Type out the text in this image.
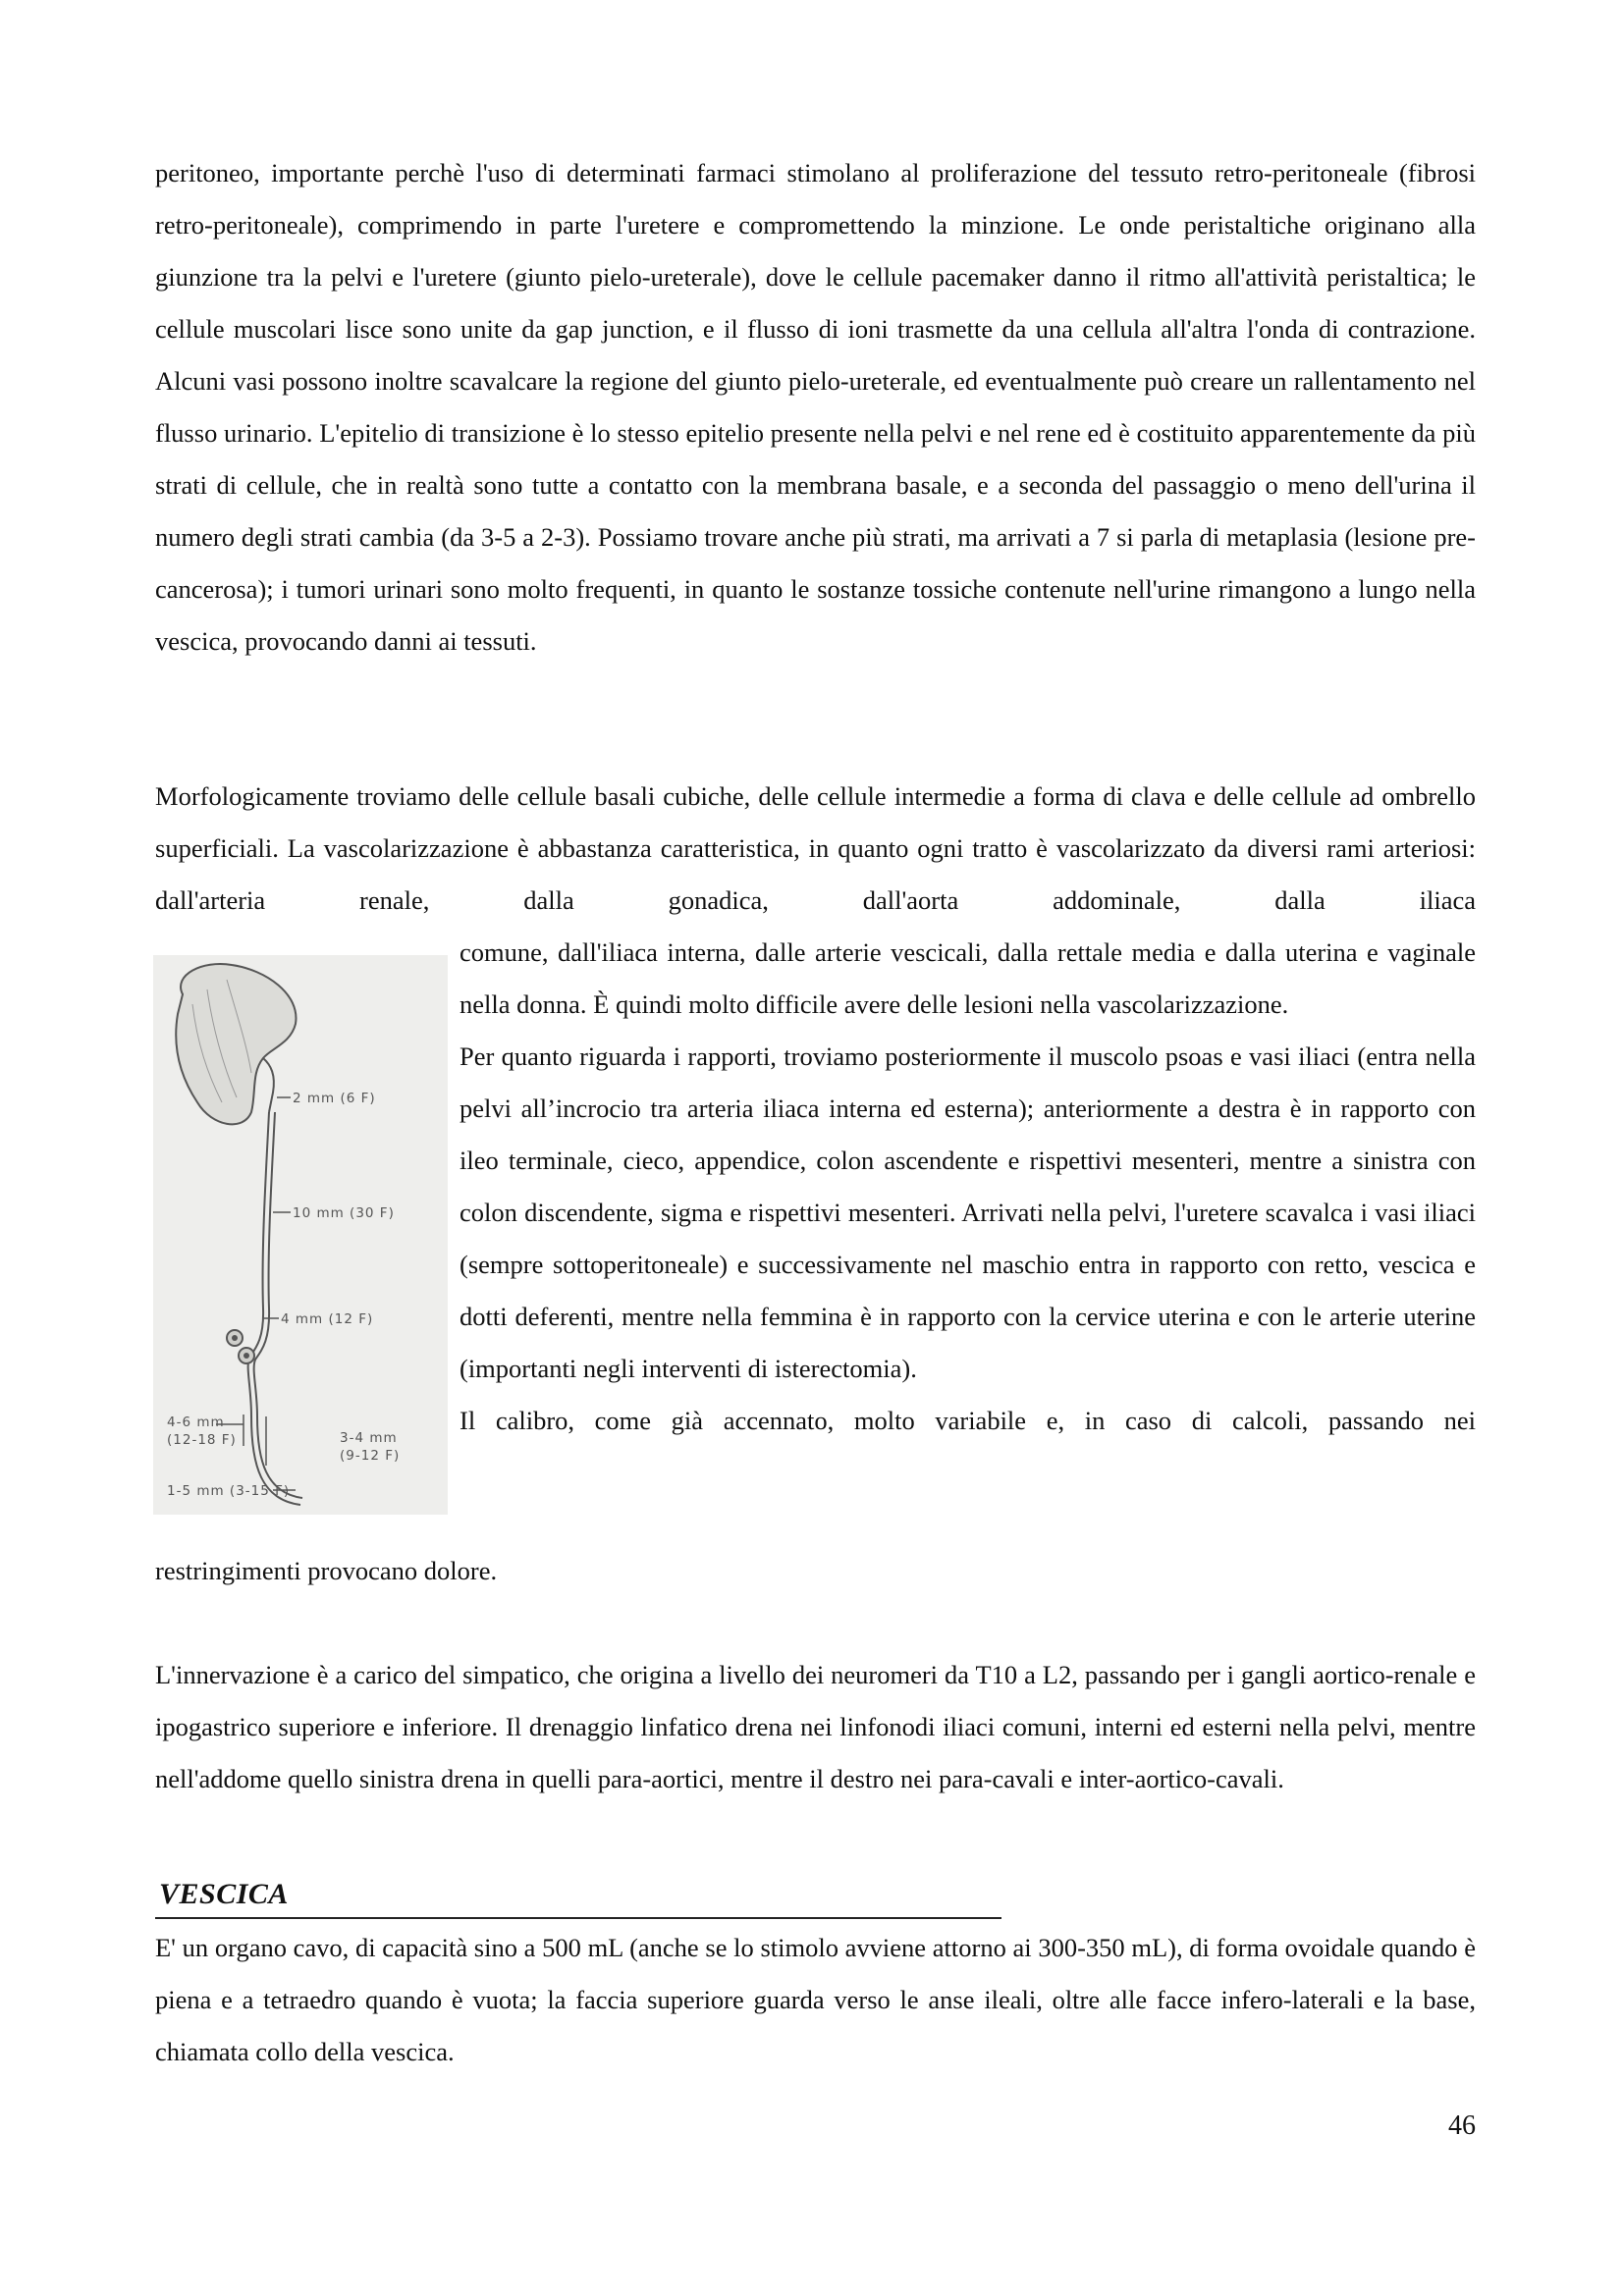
peritoneo, importante perchè l'uso di determinati farmaci stimolano al proliferazione del tessuto retro-peritoneale (fibrosi retro-peritoneale), comprimendo in parte l'uretere e compromettendo la minzione. Le onde peristaltiche originano alla giunzione tra la pelvi e l'uretere (giunto pielo-ureterale), dove le cellule pacemaker danno il ritmo all'attività peristaltica; le cellule muscolari lisce sono unite da gap junction, e il flusso di ioni trasmette da una cellula all'altra l'onda di contrazione. Alcuni vasi possono inoltre scavalcare la regione del giunto pielo-ureterale, ed eventualmente può creare un rallentamento nel flusso urinario. L'epitelio di transizione è lo stesso epitelio presente nella pelvi e nel rene ed è costituito apparentemente da più strati di cellule, che in realtà sono tutte a contatto con la membrana basale, e a seconda del passaggio o meno dell'urina il numero degli strati cambia (da 3-5 a 2-3). Possiamo trovare anche più strati, ma arrivati a 7 si parla di metaplasia (lesione pre-cancerosa); i tumori urinari sono molto frequenti, in quanto le sostanze tossiche contenute nell'urine rimangono a lungo nella vescica, provocando danni ai tessuti.

Morfologicamente troviamo delle cellule basali cubiche, delle cellule intermedie a forma di clava e delle cellule ad ombrello superficiali. La vascolarizzazione è abbastanza caratteristica, in quanto ogni tratto è vascolarizzato da diversi rami arteriosi: dall'arteria renale, dalla gonadica, dall'aorta addominale, dalla iliaca

2 mm (6 F)
10 mm (30 F)
4 mm (12 F)
4-6 mm
(12-18 F)	3-4 mm
(9-12 F)
1-5 mm (3-15 F)

comune, dall'iliaca interna, dalle arterie vescicali, dalla rettale media e dalla uterina e vaginale nella donna. È quindi molto difficile avere delle lesioni nella vascolarizzazione.

Per quanto riguarda i rapporti, troviamo posteriormente il muscolo psoas e vasi iliaci (entra nella pelvi all’incrocio tra arteria iliaca interna ed esterna); anteriormente a destra è in rapporto con ileo terminale, cieco, appendice, colon ascendente e rispettivi mesenteri, mentre a sinistra con colon discendente, sigma e rispettivi mesenteri. Arrivati nella pelvi, l'uretere scavalca i vasi iliaci (sempre sottoperitoneale) e successivamente nel maschio entra in rapporto con retto, vescica e dotti deferenti, mentre nella femmina è in rapporto con la cervice uterina e con le arterie uterine (importanti negli interventi di isterectomia).

Il calibro, come già accennato, molto variabile e, in caso di calcoli, passando nei

restringimenti provocano dolore.

L'innervazione è a carico del simpatico, che origina a livello dei neuromeri da T10 a L2, passando per i gangli aortico-renale e ipogastrico superiore e inferiore. Il drenaggio linfatico drena nei linfonodi iliaci comuni, interni ed esterni nella pelvi, mentre nell'addome quello sinistra drena in quelli para-aortici, mentre il destro nei para-cavali e inter-aortico-cavali.

VESCICA

E' un organo cavo, di capacità sino a 500 mL (anche se lo stimolo avviene attorno ai 300-350 mL), di forma ovoidale quando è piena e a tetraedro quando è vuota; la faccia superiore guarda verso le anse ileali, oltre alle facce infero-laterali e la base, chiamata collo della vescica.

46
